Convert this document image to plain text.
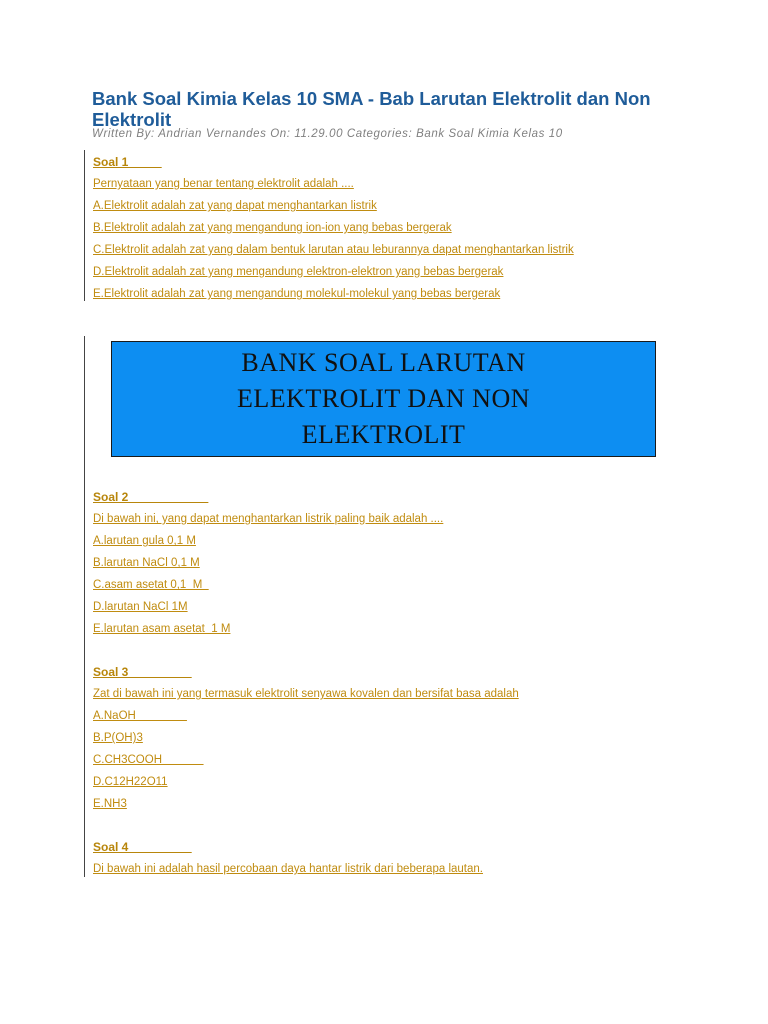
Bank Soal Kimia Kelas 10 SMA - Bab Larutan Elektrolit dan Non Elektrolit
Written By: Andrian Vernandes On: 11.29.00 Categories: Bank Soal Kimia Kelas 10
Soal 1
Pernyataan yang benar tentang elektrolit adalah ....
A.Elektrolit adalah zat yang dapat menghantarkan listrik
B.Elektrolit adalah zat yang mengandung ion-ion yang bebas bergerak
C.Elektrolit adalah zat yang dalam bentuk larutan atau leburannya dapat menghantarkan listrik
D.Elektrolit adalah zat yang mengandung elektron-elektron yang bebas bergerak
E.Elektrolit adalah zat yang mengandung molekul-molekul yang bebas bergerak
BANK SOAL LARUTAN
ELEKTROLIT DAN NON
ELEKTROLIT
Soal 2
Di bawah ini, yang dapat menghantarkan listrik paling baik adalah ....
A.larutan gula 0,1 M
B.larutan NaCl 0,1 M
C.asam asetat 0,1  M
D.larutan NaCl 1M
E.larutan asam asetat  1 M
Soal 3
Zat di bawah ini yang termasuk elektrolit senyawa kovalen dan bersifat basa adalah
A.NaOH
B.P(OH)3
C.CH3COOH
D.C12H22O11
E.NH3
Soal 4
Di bawah ini adalah hasil percobaan daya hantar listrik dari beberapa lautan.
